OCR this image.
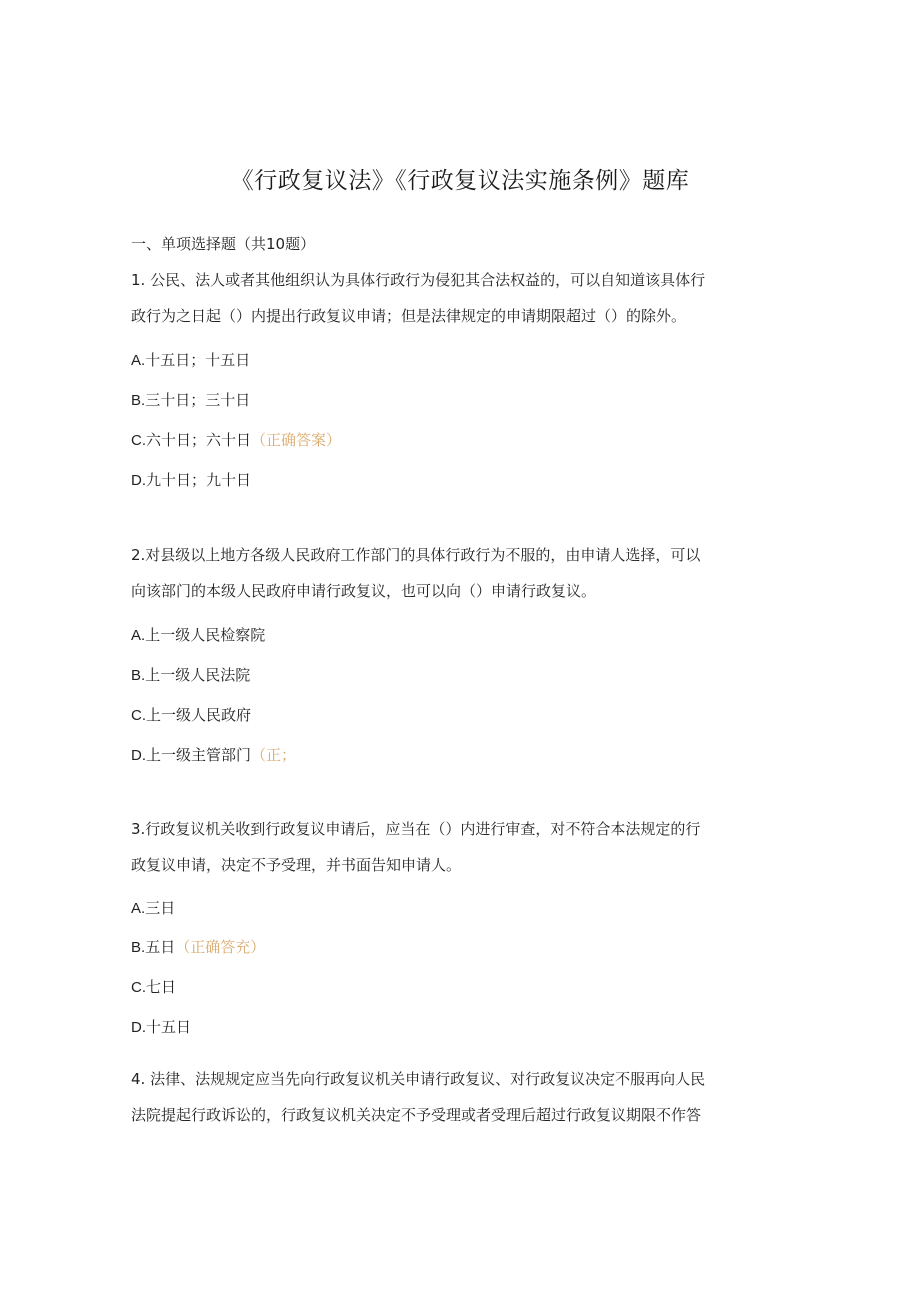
《行政复议法》《行政复议法实施条例》题库
一、单项选择题（共10题）
1. 公民、法人或者其他组织认为具体行政行为侵犯其合法权益的，可以自知道该具体行
政行为之日起（）内提出行政复议申请；但是法律规定的申请期限超过（）的除外。
A.十五日；十五日
B.三十日；三十日
C.六十日；六十日（正确答案）
D.九十日；九十日
2.对县级以上地方各级人民政府工作部门的具体行政行为不服的，由申请人选择，可以
向该部门的本级人民政府申请行政复议，也可以向（）申请行政复议。
A.上一级人民检察院
B.上一级人民法院
C.上一级人民政府
D.上一级主管部门（正；
3.行政复议机关收到行政复议申请后，应当在（）内进行审查，对不符合本法规定的行
政复议申请，决定不予受理，并书面告知申请人。
A.三日
B.五日（正确答充）
C.七日
D.十五日
4. 法律、法规规定应当先向行政复议机关申请行政复议、对行政复议决定不服再向人民
法院提起行政诉讼的，行政复议机关决定不予受理或者受理后超过行政复议期限不作答
